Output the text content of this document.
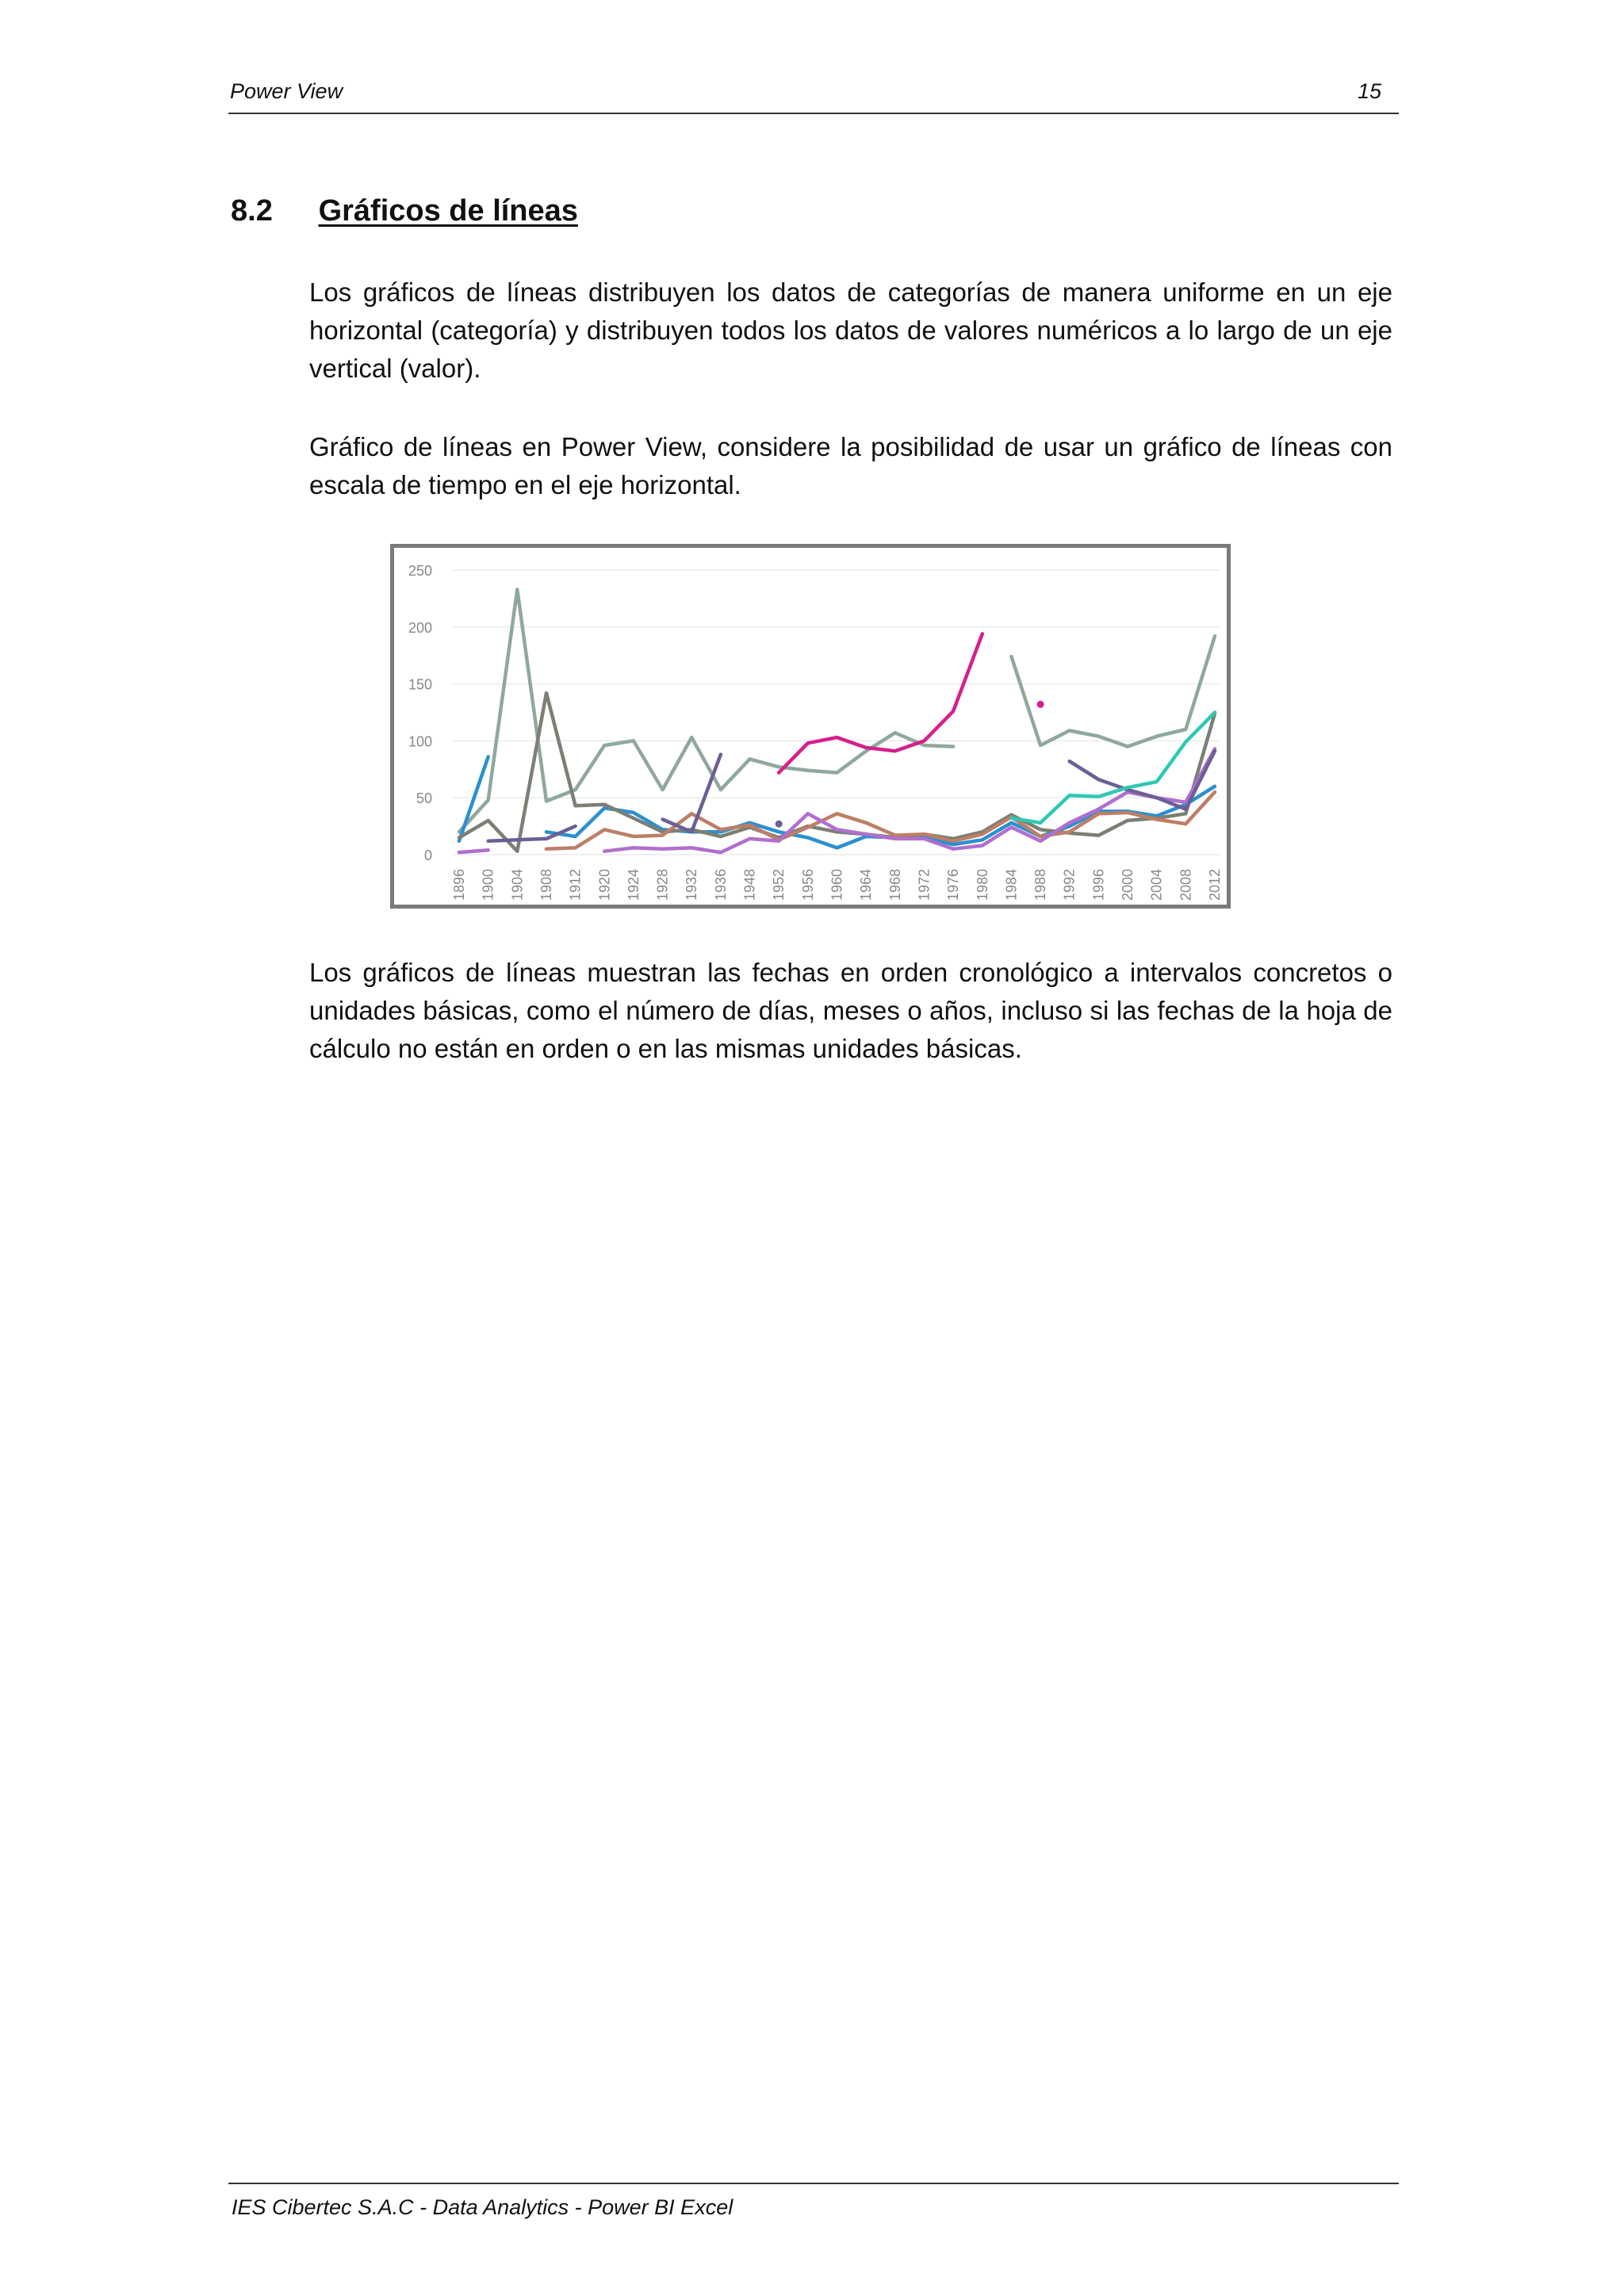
Power View	15
8.2 Gráficos de líneas

Los gráficos de líneas distribuyen los datos de categorías de manera uniforme en un eje horizontal (categoría) y distribuyen todos los datos de valores numéricos a lo largo de un eje vertical (valor).

Gráfico de líneas en Power View, considere la posibilidad de usar un gráfico de líneas con escala de tiempo en el eje horizontal.

0
50
100
150
200
250
1896 1900 1904 1908 1912 1920 1924 1928 1932 1936 1948 1952 1956 1960 1964 1968 1972 1976 1980 1984 1988 1992 1996 2000 2004 2008 2012

Los gráficos de líneas muestran las fechas en orden cronológico a intervalos concretos o unidades básicas, como el número de días, meses o años, incluso si las fechas de la hoja de cálculo no están en orden o en las mismas unidades básicas.

IES Cibertec S.A.C - Data Analytics - Power BI Excel
